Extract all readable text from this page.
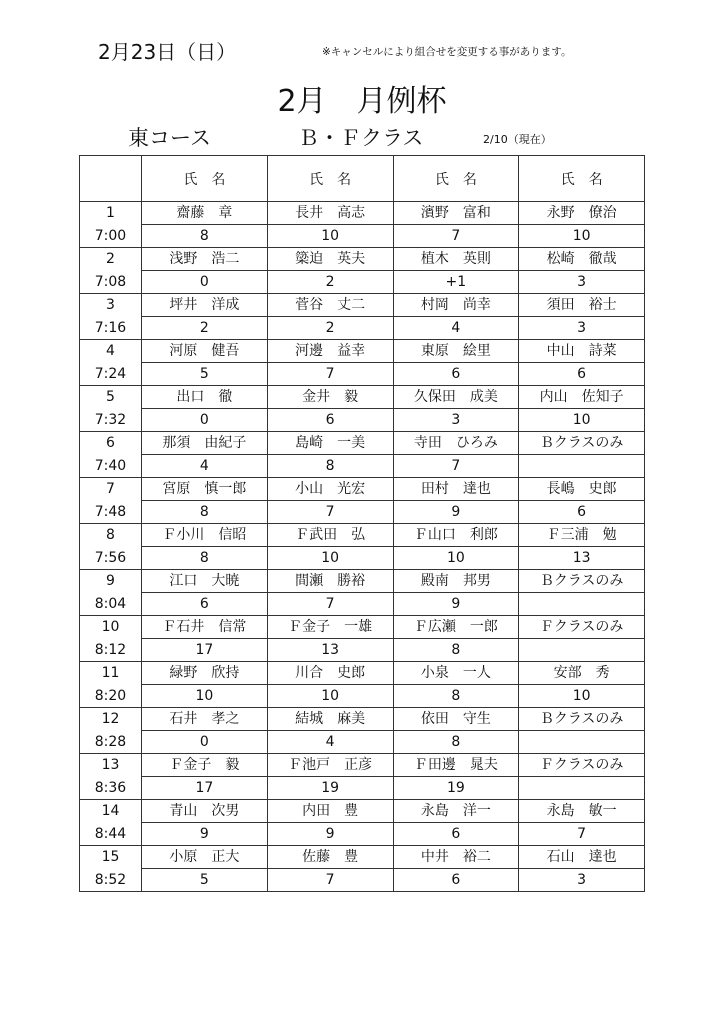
2月23日（日）	※キャンセルにより組合せを変更する事があります。
2月　月例杯
東コース	Ｂ・Ｆクラス	2/10（現在）
	氏　名	氏　名	氏　名	氏　名
1	齋藤　章	長井　高志	濱野　富和	永野　僚治
7:00	8	10	7	10
2	浅野　浩二	簗迫　英夫	植木　英則	松崎　徹哉
7:08	0	2	+1	3
3	坪井　洋成	菅谷　丈二	村岡　尚幸	須田　裕士
7:16	2	2	4	3
4	河原　健吾	河邊　益幸	東原　絵里	中山　詩菜
7:24	5	7	6	6
5	出口　徹	金井　毅	久保田　成美	内山　佐知子
7:32	0	6	3	10
6	那須　由紀子	島崎　一美	寺田　ひろみ	Ｂクラスのみ
7:40	4	8	7	
7	宮原　慎一郎	小山　光宏	田村　達也	長嶋　史郎
7:48	8	7	9	6
8	Ｆ小川　信昭	Ｆ武田　弘	Ｆ山口　利郎	Ｆ三浦　勉
7:56	8	10	10	13
9	江口　大暁	間瀬　勝裕	殿南　邦男	Ｂクラスのみ
8:04	6	7	9	
10	Ｆ石井　信常	Ｆ金子　一雄	Ｆ広瀬　一郎	Ｆクラスのみ
8:12	17	13	8	
11	緑野　欣持	川合　史郎	小泉　一人	安部　秀
8:20	10	10	8	10
12	石井　孝之	結城　麻美	依田　守生	Ｂクラスのみ
8:28	0	4	8	
13	Ｆ金子　毅	Ｆ池戸　正彦	Ｆ田邊　晁夫	Ｆクラスのみ
8:36	17	19	19	
14	青山　次男	内田　豊	永島　洋一	永島　敏一
8:44	9	9	6	7
15	小原　正大	佐藤　豊	中井　裕二	石山　達也
8:52	5	7	6	3
